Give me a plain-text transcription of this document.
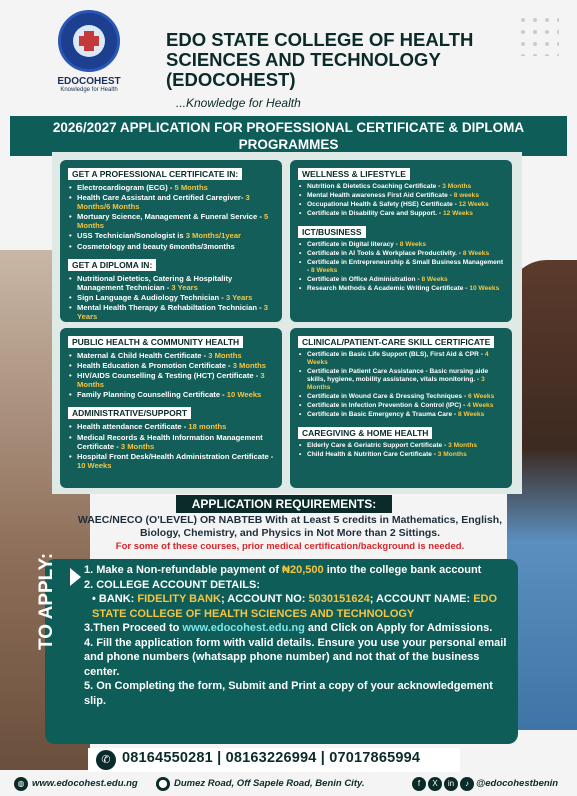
EDOCOHEST
Knowledge for Health
EDO STATE COLLEGE OF HEALTH SCIENCES AND TECHNOLOGY (EDOCOHEST)
...Knowledge for Health
2026/2027 APPLICATION FOR PROFESSIONAL CERTIFICATE & DIPLOMA PROGRAMMES
GET A PROFESSIONAL CERTIFICATE IN:
• Electrocardiogram (ECG) - 5 Months
• Health Care Assistant and Certified Caregiver- 3 Months/6 Months
• Mortuary Science, Management & Funeral Service - 5 Months
• USS Technician/Sonologist is 3 Months/1year
• Cosmetology and beauty 6months/3months
GET A DIPLOMA IN:
• Nutritional Dietetics, Catering & Hospitality Management Technician - 3 Years
• Sign Language & Audiology Technician - 3 Years
• Mental Health Therapy & Rehabiltation Technician - 3 Years
WELLNESS & LIFESTYLE
• Nutrition & Dietetics Coaching Certificate - 3 Months
• Mental Health awareness First Aid Certificate - 8 weeks
• Occupational Health & Safety (HSE) Certificate - 12 Weeks
• Certificate in Disability Care and Support. - 12 Weeks
ICT/BUSINESS
• Certificate in Digital literacy - 8 Weeks
• Certificate in AI Tools & Workplace Productivity. - 8 Weeks
• Certificate in Entrepreneurship & Small Business Management - 8 Weeks
• Certificate in Office Administration - 8 Weeks
• Research Methods & Academic Writing Certificate - 10 Weeks
PUBLIC HEALTH & COMMUNITY HEALTH
• Maternal & Child Health Certificate - 3 Months
• Health Education & Promotion Certificate - 3 Months
• HIV/AIDS Counselling & Testing (HCT) Certificate - 3 Months
• Family Planning Counselling Certificate - 10 Weeks
ADMINISTRATIVE/SUPPORT
• Health attendance Certificate - 18 months
• Medical Records & Health Information Management Certificate - 3 Months
• Hospital Front Desk/Health Administration Certificate - 10 Weeks
CLINICAL/PATIENT-CARE SKILL CERTIFICATE
• Certificate in Basic Life Support (BLS), First Aid & CPR - 4 Weeks
• Certificate in Patient Care Assistance - Basic nursing aide skills, hygiene, mobility assistance, vitals monitoring. - 3 Months
• Certificate in Wound Care & Dressing Techniques - 6 Weeks
• Certificate in Infection Prevention & Control (IPC) - 4 Weeks
• Certificate in Basic Emergency & Trauma Care - 8 Weeks
CAREGIVING & HOME HEALTH
• Elderly Care & Geriatric Support Certificate - 3 Months
• Child Health & Nutrition Care Certificate - 3 Months
APPLICATION REQUIREMENTS:
WAEC/NECO (O'LEVEL) OR NABTEB With at Least 5 credits in Mathematics, English, Biology, Chemistry, and Physics in Not More than 2 Sittings.
For some of these courses, prior medical certification/background is needed.
TO APPLY: 1. Make a Non-refundable payment of ₦20,500 into the college bank account

2. COLLEGE ACCOUNT DETAILS:

• BANK: FIDELITY BANK; ACCOUNT NO: 5030151624; ACCOUNT NAME: EDO STATE COLLEGE OF HEALTH SCIENCES AND TECHNOLOGY

3.Then Proceed to www.edocohest.edu.ng and Click on Apply for Admissions.

4. Fill the application form with valid details. Ensure you use your personal email and phone numbers (whatsapp phone number) and not that of the business center.

5. On Completing the form, Submit and Print a copy of your acknowledgement slip.

✆ 08164550281 | 08163226994 | 07017865994
◍ www.edocohest.edu.ng	⬤ Dumez Road, Off Sapele Road, Benin City.	f	X	in	♪ @edocohestbenin
